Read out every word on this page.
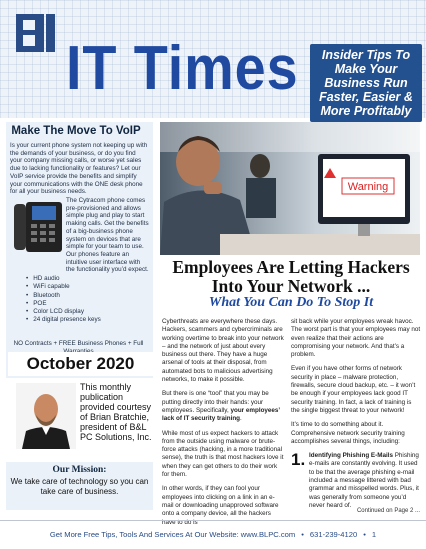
IT Times	Insider Tips To Make Your Business Run Faster, Easier & More Profitably
Make The Move To VoIP
Is your current phone system not keeping up with the demands of your business, or do you find your company missing calls, or worse yet sales due to lacking functionality or features? Let our VoIP service provide the benefits and simplify your communications with the ONE desk phone for all your business needs.
The Cytracom phone comes pre-provisioned and allows simple plug and play to start making calls. Get the benefits of a big-business phone system on devices that are simple for your team to use. Our phones feature an intuitive user interface with the functionality you’d expect.
• HD audio
• WiFi capable
• Bluetooth
• POE
• Color LCD display
• 24 digital presence keys
NO Contracts + FREE Business Phones + Full
October 2020
This monthly publication provided courtesy of Brian Bratchie, president of B&L PC Solutions, Inc.
Our Mission:
We take care of technology so you can take care of business.
Warning
Employees Are Letting Hackers Into Your Network ...
What You Can Do To Stop It

Cyberthreats are everywhere these days. Hackers, scammers and cybercriminals are working overtime to break into your network – and the network of just about every business out there. They have a huge arsenal of tools at their disposal, from automated bots to malicious advertising networks, to make it possible.

But there is one “tool” that you may be putting directly into their hands: your employees. Specifically, your employees’ lack of IT security training.

While most of us expect hackers to attack from the outside using malware or brute-force attacks (hacking, in a more traditional sense), the truth is that most hackers love it when they can get others to do their work for them.

In other words, if they can fool your employees into clicking on a link in an e-mail or downloading unapproved software onto a company device, all the hackers have to do is

sit back while your employees wreak havoc. The worst part is that your employees may not even realize that their actions are compromising your network. And that’s a problem.

Even if you have other forms of network security in place – malware protection, firewalls, secure cloud backup, etc. – it won’t be enough if your employees lack good IT security training. In fact, a lack of training is the single biggest threat to your network!

It’s time to do something about it. Comprehensive network security training accomplishes several things, including:

1. Identifying Phishing E-Mails Phishing e-mails are constantly evolving. It used to be that the average phishing e-mail included a message littered with bad grammar and misspelled words. Plus, it was generally from someone you’d never heard of.
Continued on Page 2 ...
Get More Free Tips, Tools And Services At Our Website: www.BLPC.com • 631-239-4120 • 1
